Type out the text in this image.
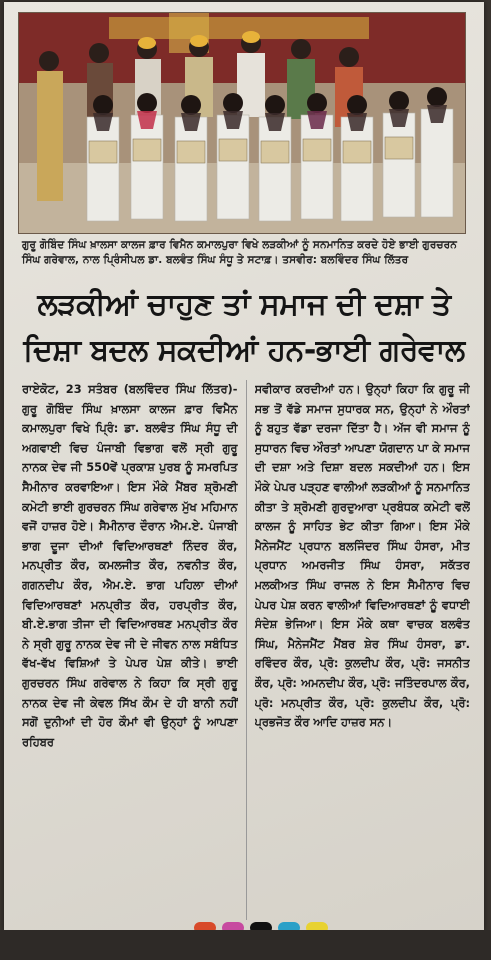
ਗੁਰੂ ਗੋਬਿੰਦ ਸਿੰਘ ਖ਼ਾਲਸਾ ਕਾਲਜ ਫ਼ਾਰ ਵਿਮੈਨ ਕਮਾਲਪੁਰਾ ਵਿਖੇ ਲੜਕੀਆਂ ਨੂੰ ਸਨਮਾਨਿਤ ਕਰਦੇ ਹੋਏ ਭਾਈ ਗੁਰਚਰਨ ਸਿੰਘ ਗਰੇਵਾਲ, ਨਾਲ ਪ੍ਰਿੰਸੀਪਲ ਡਾ. ਬਲਵੰਤ ਸਿੰਘ ਸੰਧੂ ਤੇ ਸਟਾਫ਼। ਤਸਵੀਰ: ਬਲਵਿੰਦਰ ਸਿੰਘ ਲਿੱਤਰ
ਲੜਕੀਆਂ ਚਾਹੁਣ ਤਾਂ ਸਮਾਜ ਦੀ ਦਸ਼ਾ ਤੇ
ਦਿਸ਼ਾ ਬਦਲ ਸਕਦੀਆਂ ਹਨ-ਭਾਈ ਗਰੇਵਾਲ

ਰਾਏਕੋਟ, 23 ਸਤੰਬਰ (ਬਲਵਿੰਦਰ ਸਿੰਘ ਲਿੱਤਰ)-ਗੁਰੂ ਗੋਬਿੰਦ ਸਿੰਘ ਖ਼ਾਲਸਾ ਕਾਲਜ ਫ਼ਾਰ ਵਿਮੈਨ ਕਮਾਲਪੁਰਾ ਵਿਖੇ ਪ੍ਰਿੰ: ਡਾ. ਬਲਵੰਤ ਸਿੰਘ ਸੰਧੂ ਦੀ ਅਗਵਾਈ ਵਿਚ ਪੰਜਾਬੀ ਵਿਭਾਗ ਵਲੋਂ ਸ੍ਰੀ ਗੁਰੂ ਨਾਨਕ ਦੇਵ ਜੀ 550ਵੇਂ ਪ੍ਰਕਾਸ਼ ਪੁਰਬ ਨੂੰ ਸਮਰਪਿਤ ਸੈਮੀਨਾਰ ਕਰਵਾਇਆ। ਇਸ ਮੌਕੇ ਮੈਂਬਰ ਸ਼੍ਰੋਮਣੀ ਕਮੇਟੀ ਭਾਈ ਗੁਰਚਰਨ ਸਿੰਘ ਗਰੇਵਾਲ ਮੁੱਖ ਮਹਿਮਾਨ ਵਜੋਂ ਹਾਜ਼ਰ ਹੋਏ। ਸੈਮੀਨਾਰ ਦੌਰਾਨ ਐਮ.ਏ. ਪੰਜਾਬੀ ਭਾਗ ਦੂਜਾ ਦੀਆਂ ਵਿਦਿਆਰਥਣਾਂ ਨਿੰਦਰ ਕੌਰ, ਮਨਪ੍ਰੀਤ ਕੌਰ, ਕਮਲਜੀਤ ਕੌਰ, ਨਵਨੀਤ ਕੌਰ, ਗਗਨਦੀਪ ਕੌਰ, ਐਮ.ਏ. ਭਾਗ ਪਹਿਲਾ ਦੀਆਂ ਵਿਦਿਆਰਥਣਾਂ ਮਨਪ੍ਰੀਤ ਕੌਰ, ਹਰਪ੍ਰੀਤ ਕੌਰ, ਬੀ.ਏ.ਭਾਗ ਤੀਜਾ ਦੀ ਵਿਦਿਆਰਥਣ ਮਨਪ੍ਰੀਤ ਕੌਰ ਨੇ ਸ੍ਰੀ ਗੁਰੂ ਨਾਨਕ ਦੇਵ ਜੀ ਦੇ ਜੀਵਨ ਨਾਲ ਸਬੰਧਿਤ ਵੱਖ-ਵੱਖ ਵਿਸ਼ਿਆਂ ਤੇ ਪੇਪਰ ਪੇਸ਼ ਕੀਤੇ। ਭਾਈ ਗੁਰਚਰਨ ਸਿੰਘ ਗਰੇਵਾਲ ਨੇ ਕਿਹਾ ਕਿ ਸ੍ਰੀ ਗੁਰੂ ਨਾਨਕ ਦੇਵ ਜੀ ਕੇਵਲ ਸਿੱਖ ਕੌਮ ਦੇ ਹੀ ਬਾਨੀ ਨਹੀਂ ਸਗੋਂ ਦੁਨੀਆਂ ਦੀ ਹੋਰ ਕੌਮਾਂ ਵੀ ਉਨ੍ਹਾਂ ਨੂੰ ਆਪਣਾ ਰਹਿਬਰ

ਸਵੀਕਾਰ ਕਰਦੀਆਂ ਹਨ। ਉਨ੍ਹਾਂ ਕਿਹਾ ਕਿ ਗੁਰੂ ਜੀ ਸਭ ਤੋਂ ਵੱਡੇ ਸਮਾਜ ਸੁਧਾਰਕ ਸਨ, ਉਨ੍ਹਾਂ ਨੇ ਔਰਤਾਂ ਨੂੰ ਬਹੁਤ ਵੱਡਾ ਦਰਜਾ ਦਿੱਤਾ ਹੈ। ਅੱਜ ਵੀ ਸਮਾਜ ਨੂੰ ਸੁਧਾਰਨ ਵਿਚ ਔਰਤਾਂ ਆਪਣਾ ਯੋਗਦਾਨ ਪਾ ਕੇ ਸਮਾਜ ਦੀ ਦਸ਼ਾ ਅਤੇ ਦਿਸ਼ਾ ਬਦਲ ਸਕਦੀਆਂ ਹਨ। ਇਸ ਮੌਕੇ ਪੇਪਰ ਪੜ੍ਹਣ ਵਾਲੀਆਂ ਲੜਕੀਆਂ ਨੂੰ ਸਨਮਾਨਿਤ ਕੀਤਾ ਤੇ ਸ਼੍ਰੋਮਣੀ ਗੁਰਦੁਆਰਾ ਪ੍ਰਬੰਧਕ ਕਮੇਟੀ ਵਲੋਂ ਕਾਲਜ ਨੂੰ ਸਾਹਿਤ ਭੇਟ ਕੀਤਾ ਗਿਆ। ਇਸ ਮੌਕੇ ਮੈਨੇਜਮੈਂਟ ਪ੍ਰਧਾਨ ਬਲਜਿੰਦਰ ਸਿੰਘ ਹੰਸਰਾ, ਮੀਤ ਪ੍ਰਧਾਨ ਅਮਰਜੀਤ ਸਿੰਘ ਹੰਸਰਾ, ਸਕੱਤਰ ਮਲਕੀਅਤ ਸਿੰਘ ਰਾਜਲ ਨੇ ਇਸ ਸੈਮੀਨਾਰ ਵਿਚ ਪੇਪਰ ਪੇਸ਼ ਕਰਨ ਵਾਲੀਆਂ ਵਿਦਿਆਰਥਣਾਂ ਨੂੰ ਵਧਾਈ ਸੰਦੇਸ਼ ਭੇਜਿਆ। ਇਸ ਮੌਕੇ ਕਥਾ ਵਾਚਕ ਬਲਵੰਤ ਸਿੰਘ, ਮੈਨੇਜਮੈਂਟ ਮੈਂਬਰ ਸ਼ੇਰ ਸਿੰਘ ਹੰਸਰਾ, ਡਾ. ਰਵਿੰਦਰ ਕੌਰ, ਪ੍ਰੋ: ਕੁਲਦੀਪ ਕੌਰ, ਪ੍ਰੋ: ਜਸਨੀਤ ਕੌਰ, ਪ੍ਰੋ: ਅਮਨਦੀਪ ਕੌਰ, ਪ੍ਰੋ: ਜਤਿੰਦਰਪਾਲ ਕੌਰ, ਪ੍ਰੋ: ਮਨਪ੍ਰੀਤ ਕੌਰ, ਪ੍ਰੋ: ਕੁਲਦੀਪ ਕੌਰ, ਪ੍ਰੋ: ਪ੍ਰਭਜੋਤ ਕੌਰ ਆਦਿ ਹਾਜ਼ਰ ਸਨ।
